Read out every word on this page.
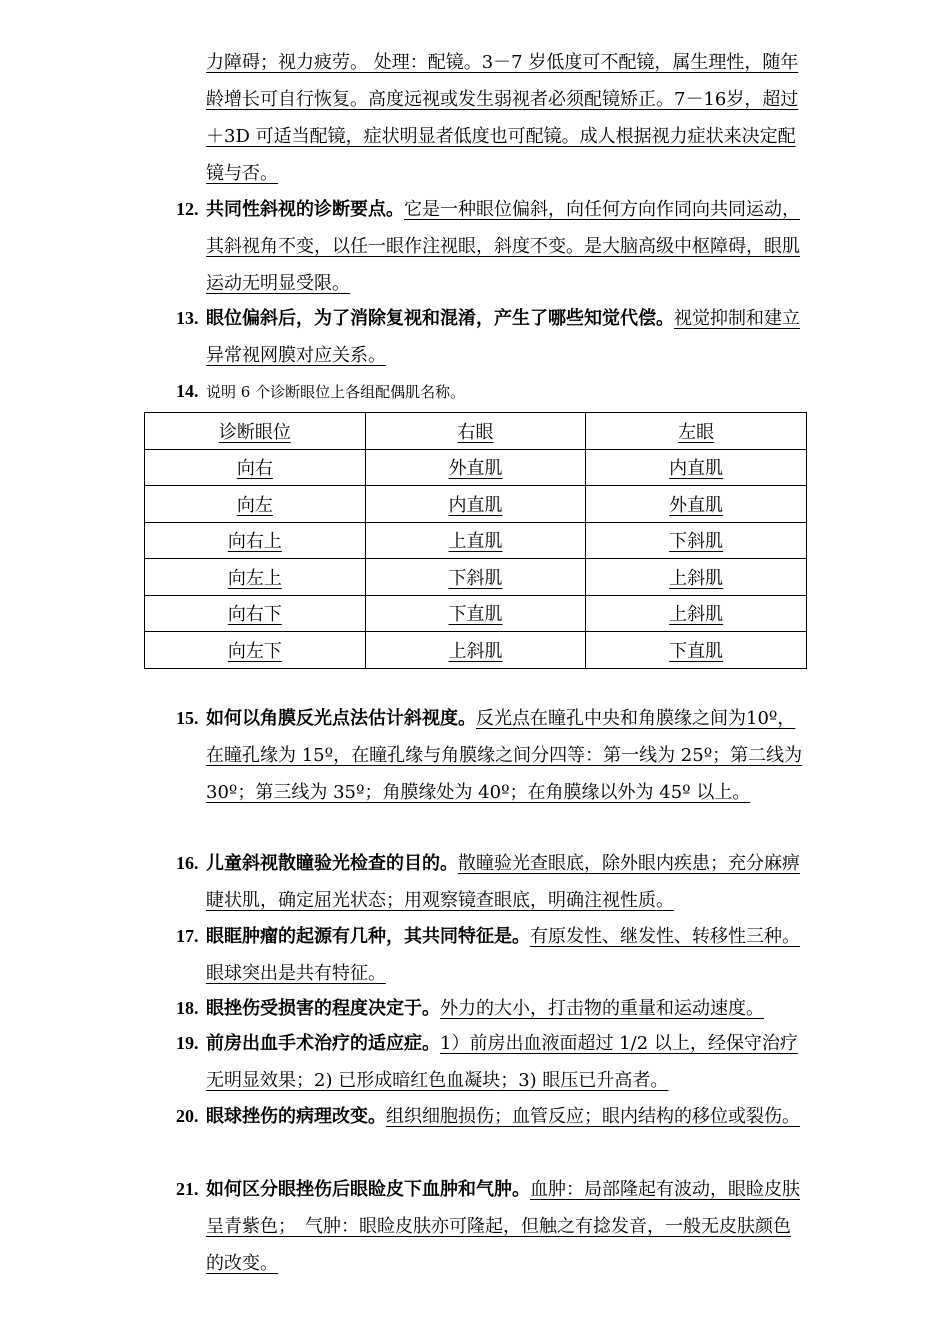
力障碍；视力疲劳。 处理：配镜。3－7 岁低度可不配镜，属生理性，随年龄增长可自行恢复。高度远视或发生弱视者必须配镜矫正。7－16岁，超过＋3D 可适当配镜，症状明显者低度也可配镜。成人根据视力症状来决定配镜与否。
12. 共同性斜视的诊断要点。它是一种眼位偏斜，向任何方向作同向共同运动，其斜视角不变，以任一眼作注视眼，斜度不变。是大脑高级中枢障碍，眼肌运动无明显受限。
13. 眼位偏斜后，为了消除复视和混淆，产生了哪些知觉代偿。视觉抑制和建立异常视网膜对应关系。
14. 说明 6 个诊断眼位上各组配偶肌名称。
诊断眼位	右眼	左眼
向右	外直肌	内直肌
向左	内直肌	外直肌
向右上	上直肌	下斜肌
向左上	下斜肌	上斜肌
向右下	下直肌	上斜肌
向左下	上斜肌	下直肌
15. 如何以角膜反光点法估计斜视度。反光点在瞳孔中央和角膜缘之间为10º，在瞳孔缘为 15º，在瞳孔缘与角膜缘之间分四等：第一线为 25º；第二线为 30º；第三线为 35º；角膜缘处为 40º；在角膜缘以外为 45º 以上。
16. 儿童斜视散瞳验光检查的目的。散瞳验光查眼底，除外眼内疾患；充分麻痹睫状肌，确定屈光状态；用观察镜查眼底，明确注视性质。
17. 眼眶肿瘤的起源有几种，其共同特征是。有原发性、继发性、转移性三种。眼球突出是共有特征。
18. 眼挫伤受损害的程度决定于。外力的大小，打击物的重量和运动速度。
19. 前房出血手术治疗的适应症。1）前房出血液面超过 1/2 以上，经保守治疗无明显效果；2) 已形成暗红色血凝块；3) 眼压已升高者。
20. 眼球挫伤的病理改变。组织细胞损伤；血管反应；眼内结构的移位或裂伤。
21. 如何区分眼挫伤后眼睑皮下血肿和气肿。血肿：局部隆起有波动，眼睑皮肤呈青紫色；　气肿：眼睑皮肤亦可隆起，但触之有捻发音，一般无皮肤颜色的改变。
